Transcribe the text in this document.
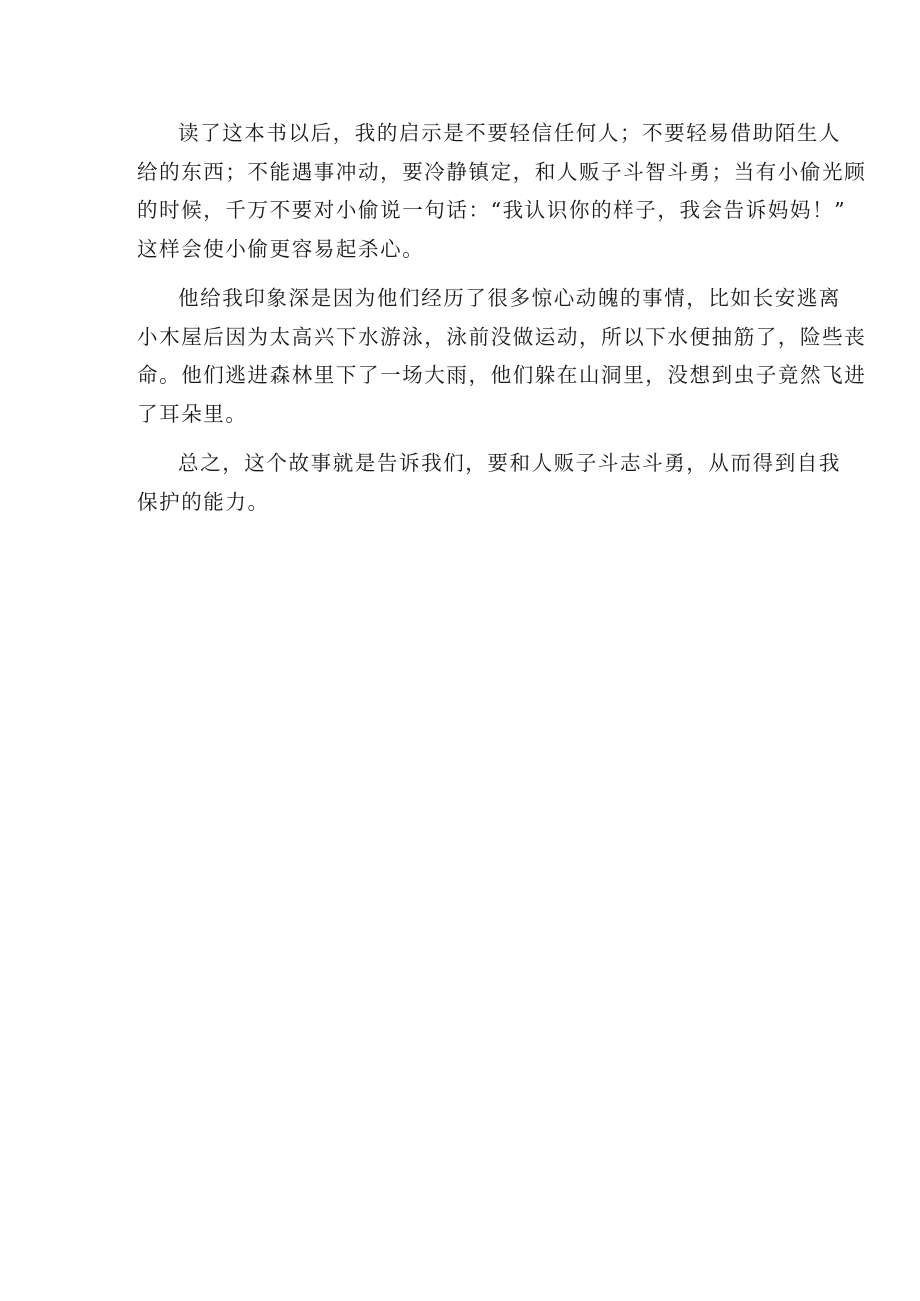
读了这本书以后，我的启示是不要轻信任何人；不要轻易借助陌生人
给的东西；不能遇事冲动，要冷静镇定，和人贩子斗智斗勇；当有小偷光顾
的时候，千万不要对小偷说一句话：“我认识你的样子，我会告诉妈妈！”
这样会使小偷更容易起杀心。

他给我印象深是因为他们经历了很多惊心动魄的事情，比如长安逃离
小木屋后因为太高兴下水游泳，泳前没做运动，所以下水便抽筋了，险些丧
命。他们逃进森林里下了一场大雨，他们躲在山洞里，没想到虫子竟然飞进
了耳朵里。

总之，这个故事就是告诉我们，要和人贩子斗志斗勇，从而得到自我
保护的能力。
